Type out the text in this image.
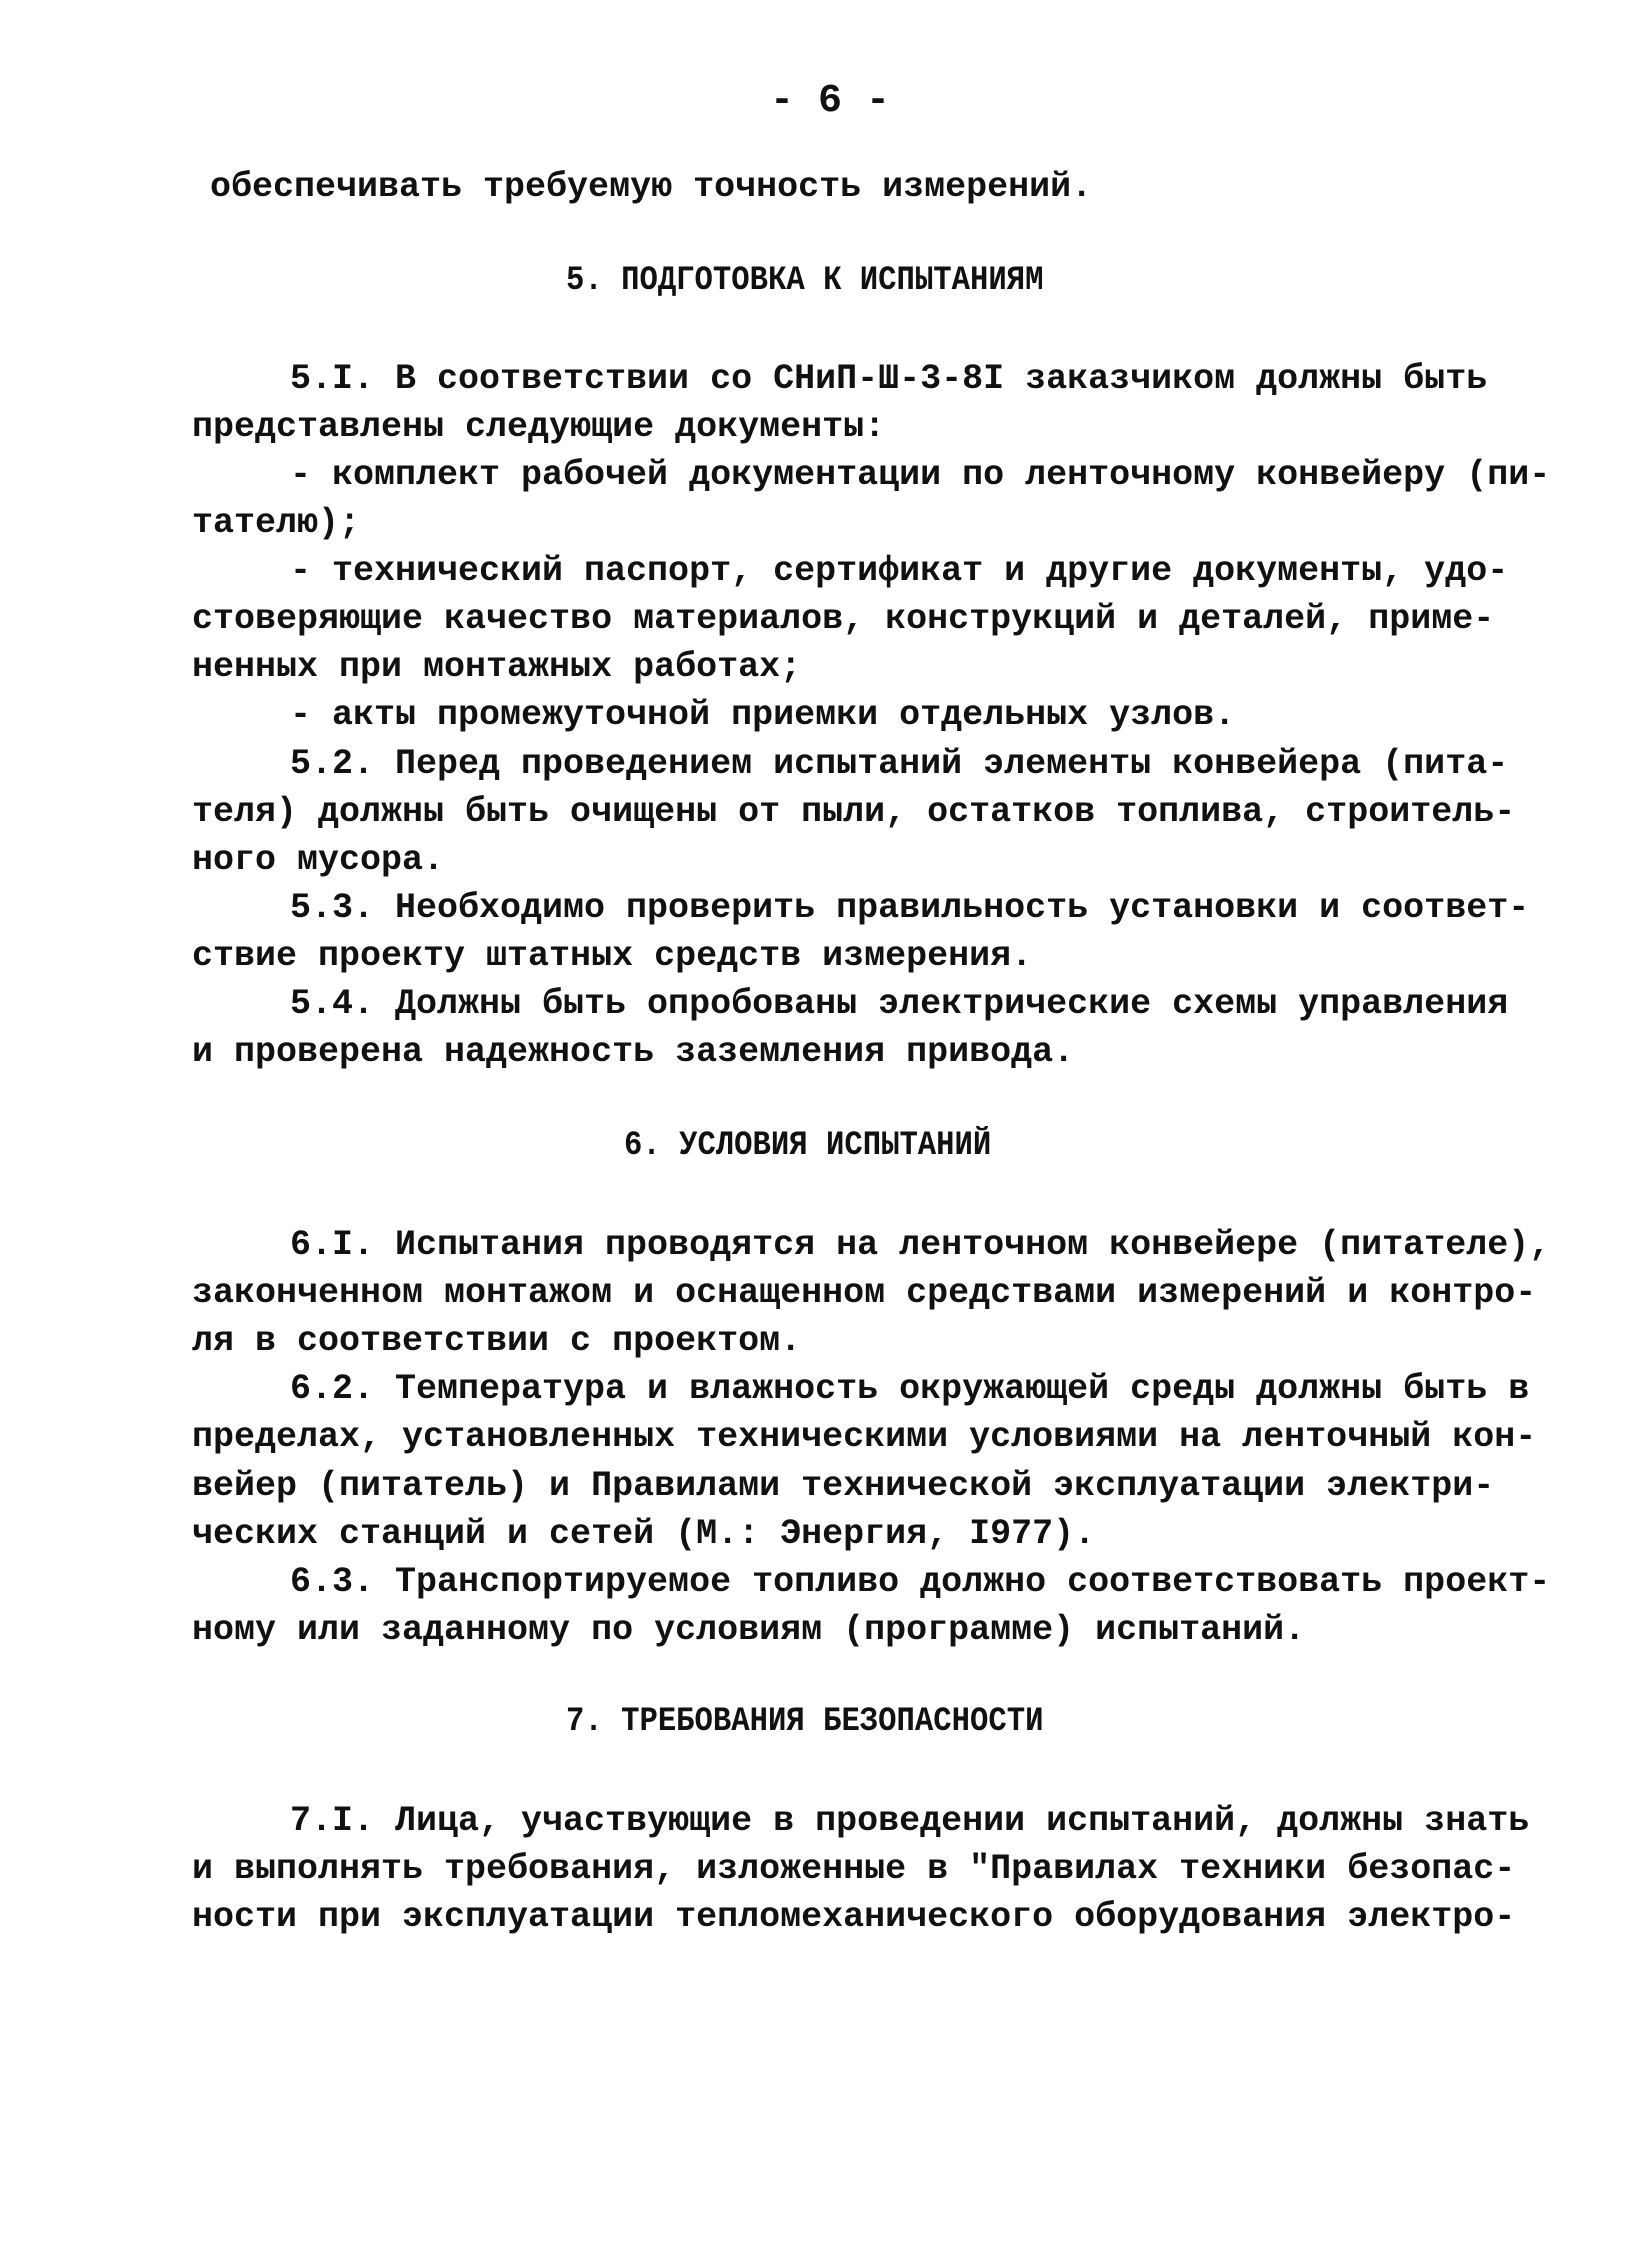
- 6 -
обеспечивать требуемую точность измерений.
5. ПОДГОТОВКА К ИСПЫТАНИЯМ
5.I. В соответствии со СНиП-Ш-3-8I заказчиком должны быть
представлены следующие документы:
- комплект рабочей документации по ленточному конвейеру (пи-
тателю);
- технический паспорт, сертификат и другие документы, удо-
стоверяющие качество материалов, конструкций и деталей, приме-
ненных при монтажных работах;
- акты промежуточной приемки отдельных узлов.
5.2. Перед проведением испытаний элементы конвейера (пита-
теля) должны быть очищены от пыли, остатков топлива, строитель-
ного мусора.
5.3. Необходимо проверить правильность установки и соответ-
ствие проекту штатных средств измерения.
5.4. Должны быть опробованы электрические схемы управления
и проверена надежность заземления привода.
6. УСЛОВИЯ ИСПЫТАНИЙ
6.I. Испытания проводятся на ленточном конвейере (питателе),
законченном монтажом и оснащенном средствами измерений и контро-
ля в соответствии с проектом.
6.2. Температура и влажность окружающей среды должны быть в
пределах, установленных техническими условиями на ленточный кон-
вейер (питатель) и Правилами технической эксплуатации электри-
ческих станций и сетей (М.: Энергия, I977).
6.3. Транспортируемое топливо должно соответствовать проект-
ному или заданному по условиям (программе) испытаний.
7. ТРЕБОВАНИЯ БЕЗОПАСНОСТИ
7.I. Лица, участвующие в проведении испытаний, должны знать
и выполнять требования, изложенные в "Правилах техники безопас-
ности при эксплуатации тепломеханического оборудования электро-
